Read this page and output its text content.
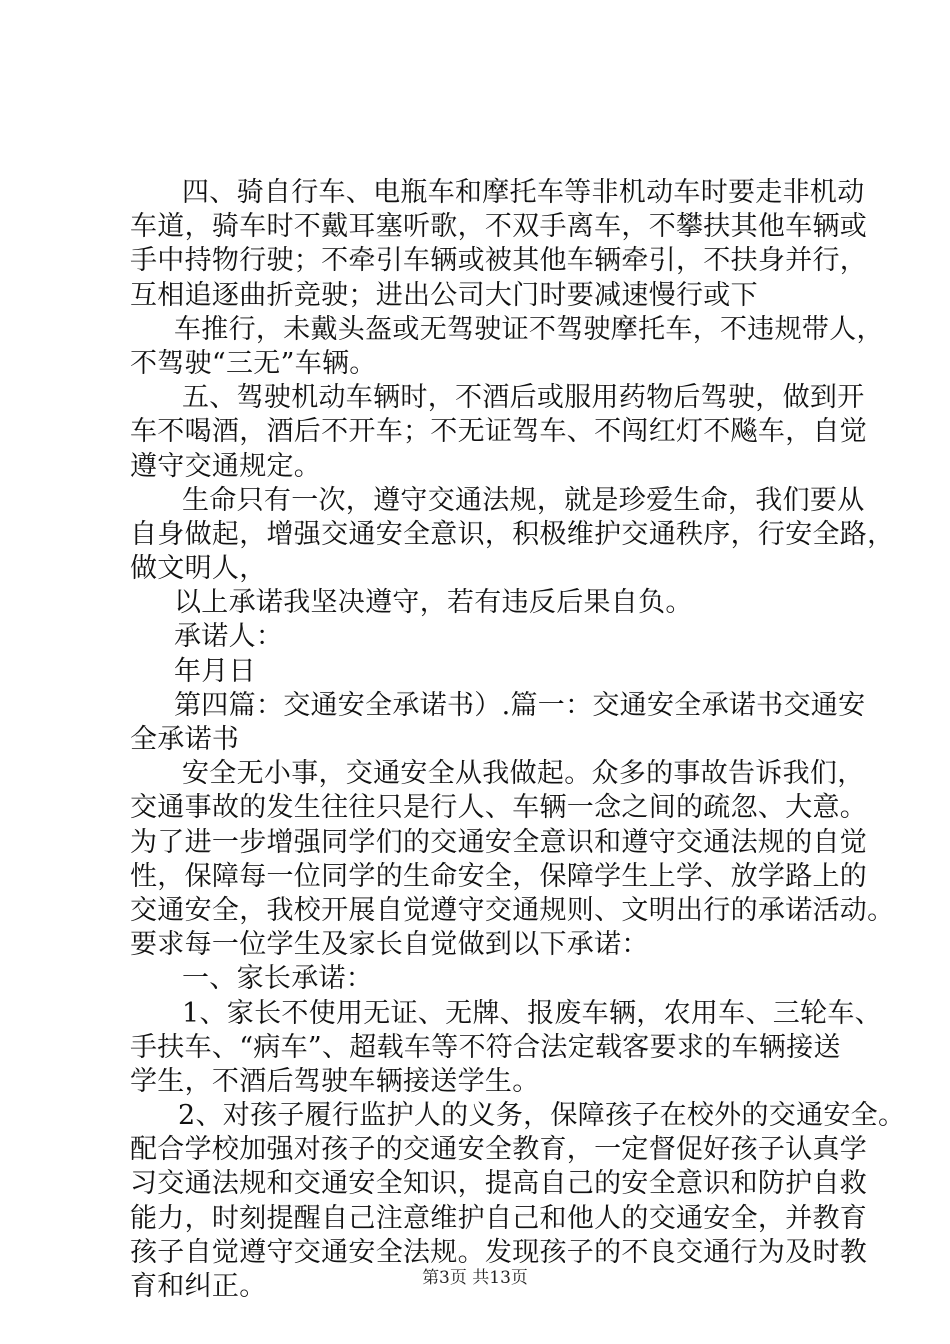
四、骑自行车、电瓶车和摩托车等非机动车时要走非机动
车道，骑车时不戴耳塞听歌，不双手离车，不攀扶其他车辆或
手中持物行驶；不牵引车辆或被其他车辆牵引，不扶身并行，
互相追逐曲折竞驶；进出公司大门时要减速慢行或下
车推行，未戴头盔或无驾驶证不驾驶摩托车，不违规带人，
不驾驶“三无”车辆。
五、驾驶机动车辆时，不酒后或服用药物后驾驶，做到开
车不喝酒，酒后不开车；不无证驾车、不闯红灯不飚车，自觉
遵守交通规定。
生命只有一次，遵守交通法规，就是珍爱生命，我们要从
自身做起，增强交通安全意识，积极维护交通秩序，行安全路，
做文明人，
以上承诺我坚决遵守，若有违反后果自负。
承诺人：
年月日
第四篇：交通安全承诺书）.篇一：交通安全承诺书交通安
全承诺书
安全无小事，交通安全从我做起。众多的事故告诉我们，
交通事故的发生往往只是行人、车辆一念之间的疏忽、大意。
为了进一步增强同学们的交通安全意识和遵守交通法规的自觉
性，保障每一位同学的生命安全，保障学生上学、放学路上的
交通安全，我校开展自觉遵守交通规则、文明出行的承诺活动。
要求每一位学生及家长自觉做到以下承诺：
一、家长承诺：
1、家长不使用无证、无牌、报废车辆，农用车、三轮车、
手扶车、“病车”、超载车等不符合法定载客要求的车辆接送
学生，不酒后驾驶车辆接送学生。
2、对孩子履行监护人的义务，保障孩子在校外的交通安全。
配合学校加强对孩子的交通安全教育，一定督促好孩子认真学
习交通法规和交通安全知识，提高自己的安全意识和防护自救
能力，时刻提醒自己注意维护自己和他人的交通安全，并教育
孩子自觉遵守交通安全法规。发现孩子的不良交通行为及时教
育和纠正。	第3页 共13页
